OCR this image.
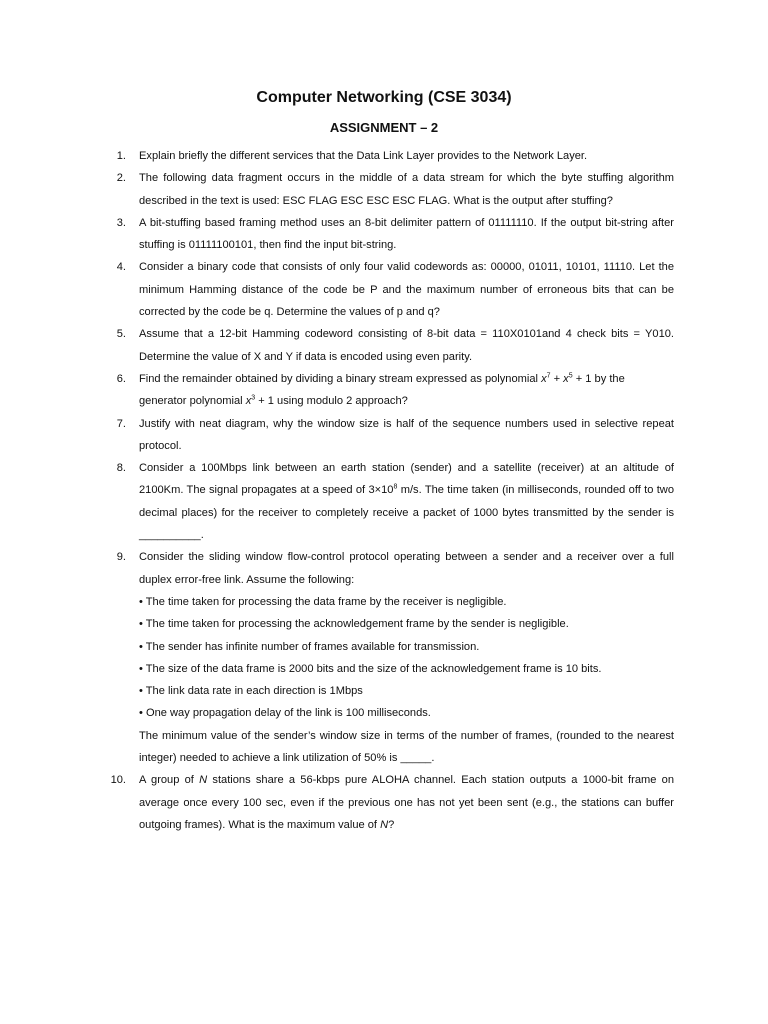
Computer Networking (CSE 3034)
ASSIGNMENT – 2
1. Explain briefly the different services that the Data Link Layer provides to the Network Layer.
2. The following data fragment occurs in the middle of a data stream for which the byte stuffing algorithm described in the text is used: ESC FLAG ESC ESC ESC FLAG. What is the output after stuffing?
3. A bit-stuffing based framing method uses an 8-bit delimiter pattern of 01111110. If the output bit-string after stuffing is 01111100101, then find the input bit-string.
4. Consider a binary code that consists of only four valid codewords as: 00000, 01011, 10101, 11110. Let the minimum Hamming distance of the code be P and the maximum number of erroneous bits that can be corrected by the code be q. Determine the values of p and q?
5. Assume that a 12-bit Hamming codeword consisting of 8-bit data = 110X0101and 4 check bits = Y010. Determine the value of X and Y if data is encoded using even parity.
6. Find the remainder obtained by dividing a binary stream expressed as polynomial $x^7 + x^5 + 1$ by the
generator polynomial $x^3 + 1$ using modulo 2 approach?
7. Justify with neat diagram, why the window size is half of the sequence numbers used in selective repeat protocol.
8. Consider a 100Mbps link between an earth station (sender) and a satellite (receiver) at an altitude of 2100Km. The signal propagates at a speed of $3\times 10^8$ m/s. The time taken (in milliseconds, rounded off to two decimal places) for the receiver to completely receive a packet of 1000 bytes transmitted by the sender is __________.
9. Consider the sliding window flow-control protocol operating between a sender and a receiver over a full duplex error-free link. Assume the following:
• The time taken for processing the data frame by the receiver is negligible.
• The time taken for processing the acknowledgement frame by the sender is negligible.
• The sender has infinite number of frames available for transmission.
• The size of the data frame is 2000 bits and the size of the acknowledgement frame is 10 bits.
• The link data rate in each direction is 1Mbps
• One way propagation delay of the link is 100 milliseconds.
The minimum value of the sender’s window size in terms of the number of frames, (rounded to the nearest integer) needed to achieve a link utilization of 50% is _____.
10. A group of N stations share a 56-kbps pure ALOHA channel. Each station outputs a 1000-bit frame on average once every 100 sec, even if the previous one has not yet been sent (e.g., the stations can buffer outgoing frames). What is the maximum value of N?
